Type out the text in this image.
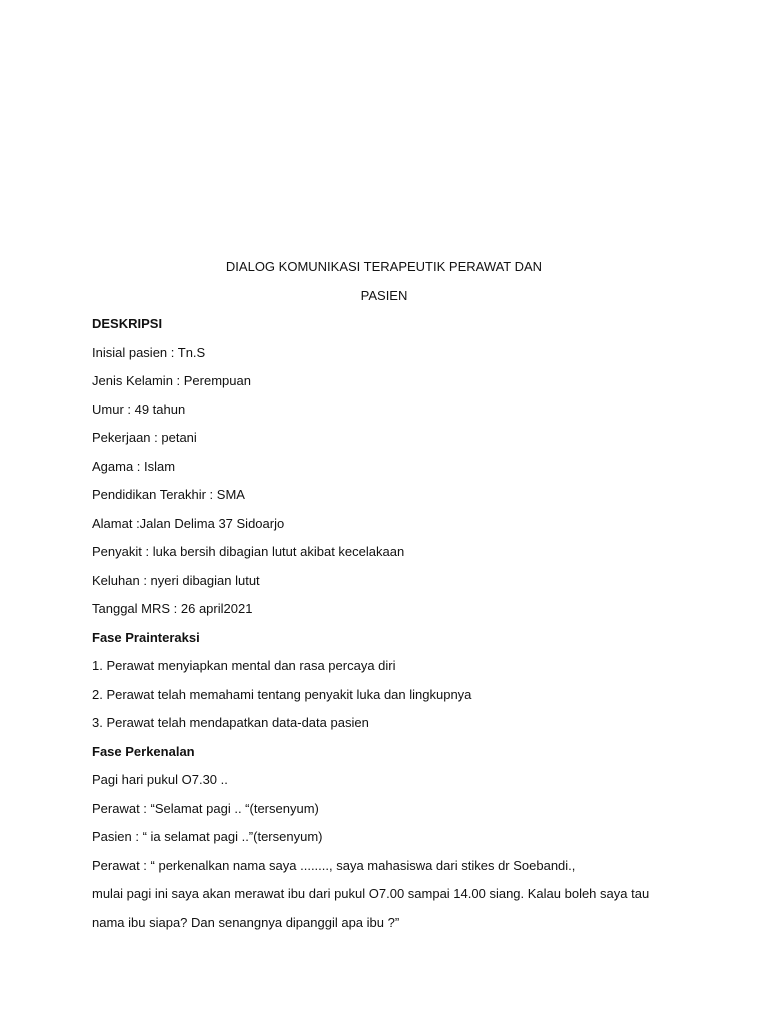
DIALOG KOMUNIKASI TERAPEUTIK PERAWAT DAN

PASIEN

DESKRIPSI
Inisial pasien : Tn.S
Jenis Kelamin : Perempuan
Umur : 49 tahun
Pekerjaan : petani
Agama : Islam
Pendidikan Terakhir : SMA
Alamat :Jalan Delima 37 Sidoarjo
Penyakit : luka bersih dibagian lutut akibat kecelakaan
Keluhan : nyeri dibagian lutut
Tanggal MRS : 26 april2021
Fase Prainteraksi
1. Perawat menyiapkan mental dan rasa percaya diri
2. Perawat telah memahami tentang penyakit luka dan lingkupnya
3. Perawat telah mendapatkan data-data pasien
Fase Perkenalan
Pagi hari pukul O7.30 ..
Perawat : “Selamat pagi .. “(tersenyum)
Pasien : “ ia selamat pagi ..”(tersenyum)
Perawat : “ perkenalkan nama saya ........, saya mahasiswa dari stikes dr Soebandi.,
mulai pagi ini saya akan merawat ibu dari pukul O7.00 sampai 14.00 siang. Kalau boleh saya tau
nama ibu siapa? Dan senangnya dipanggil apa ibu ?”
